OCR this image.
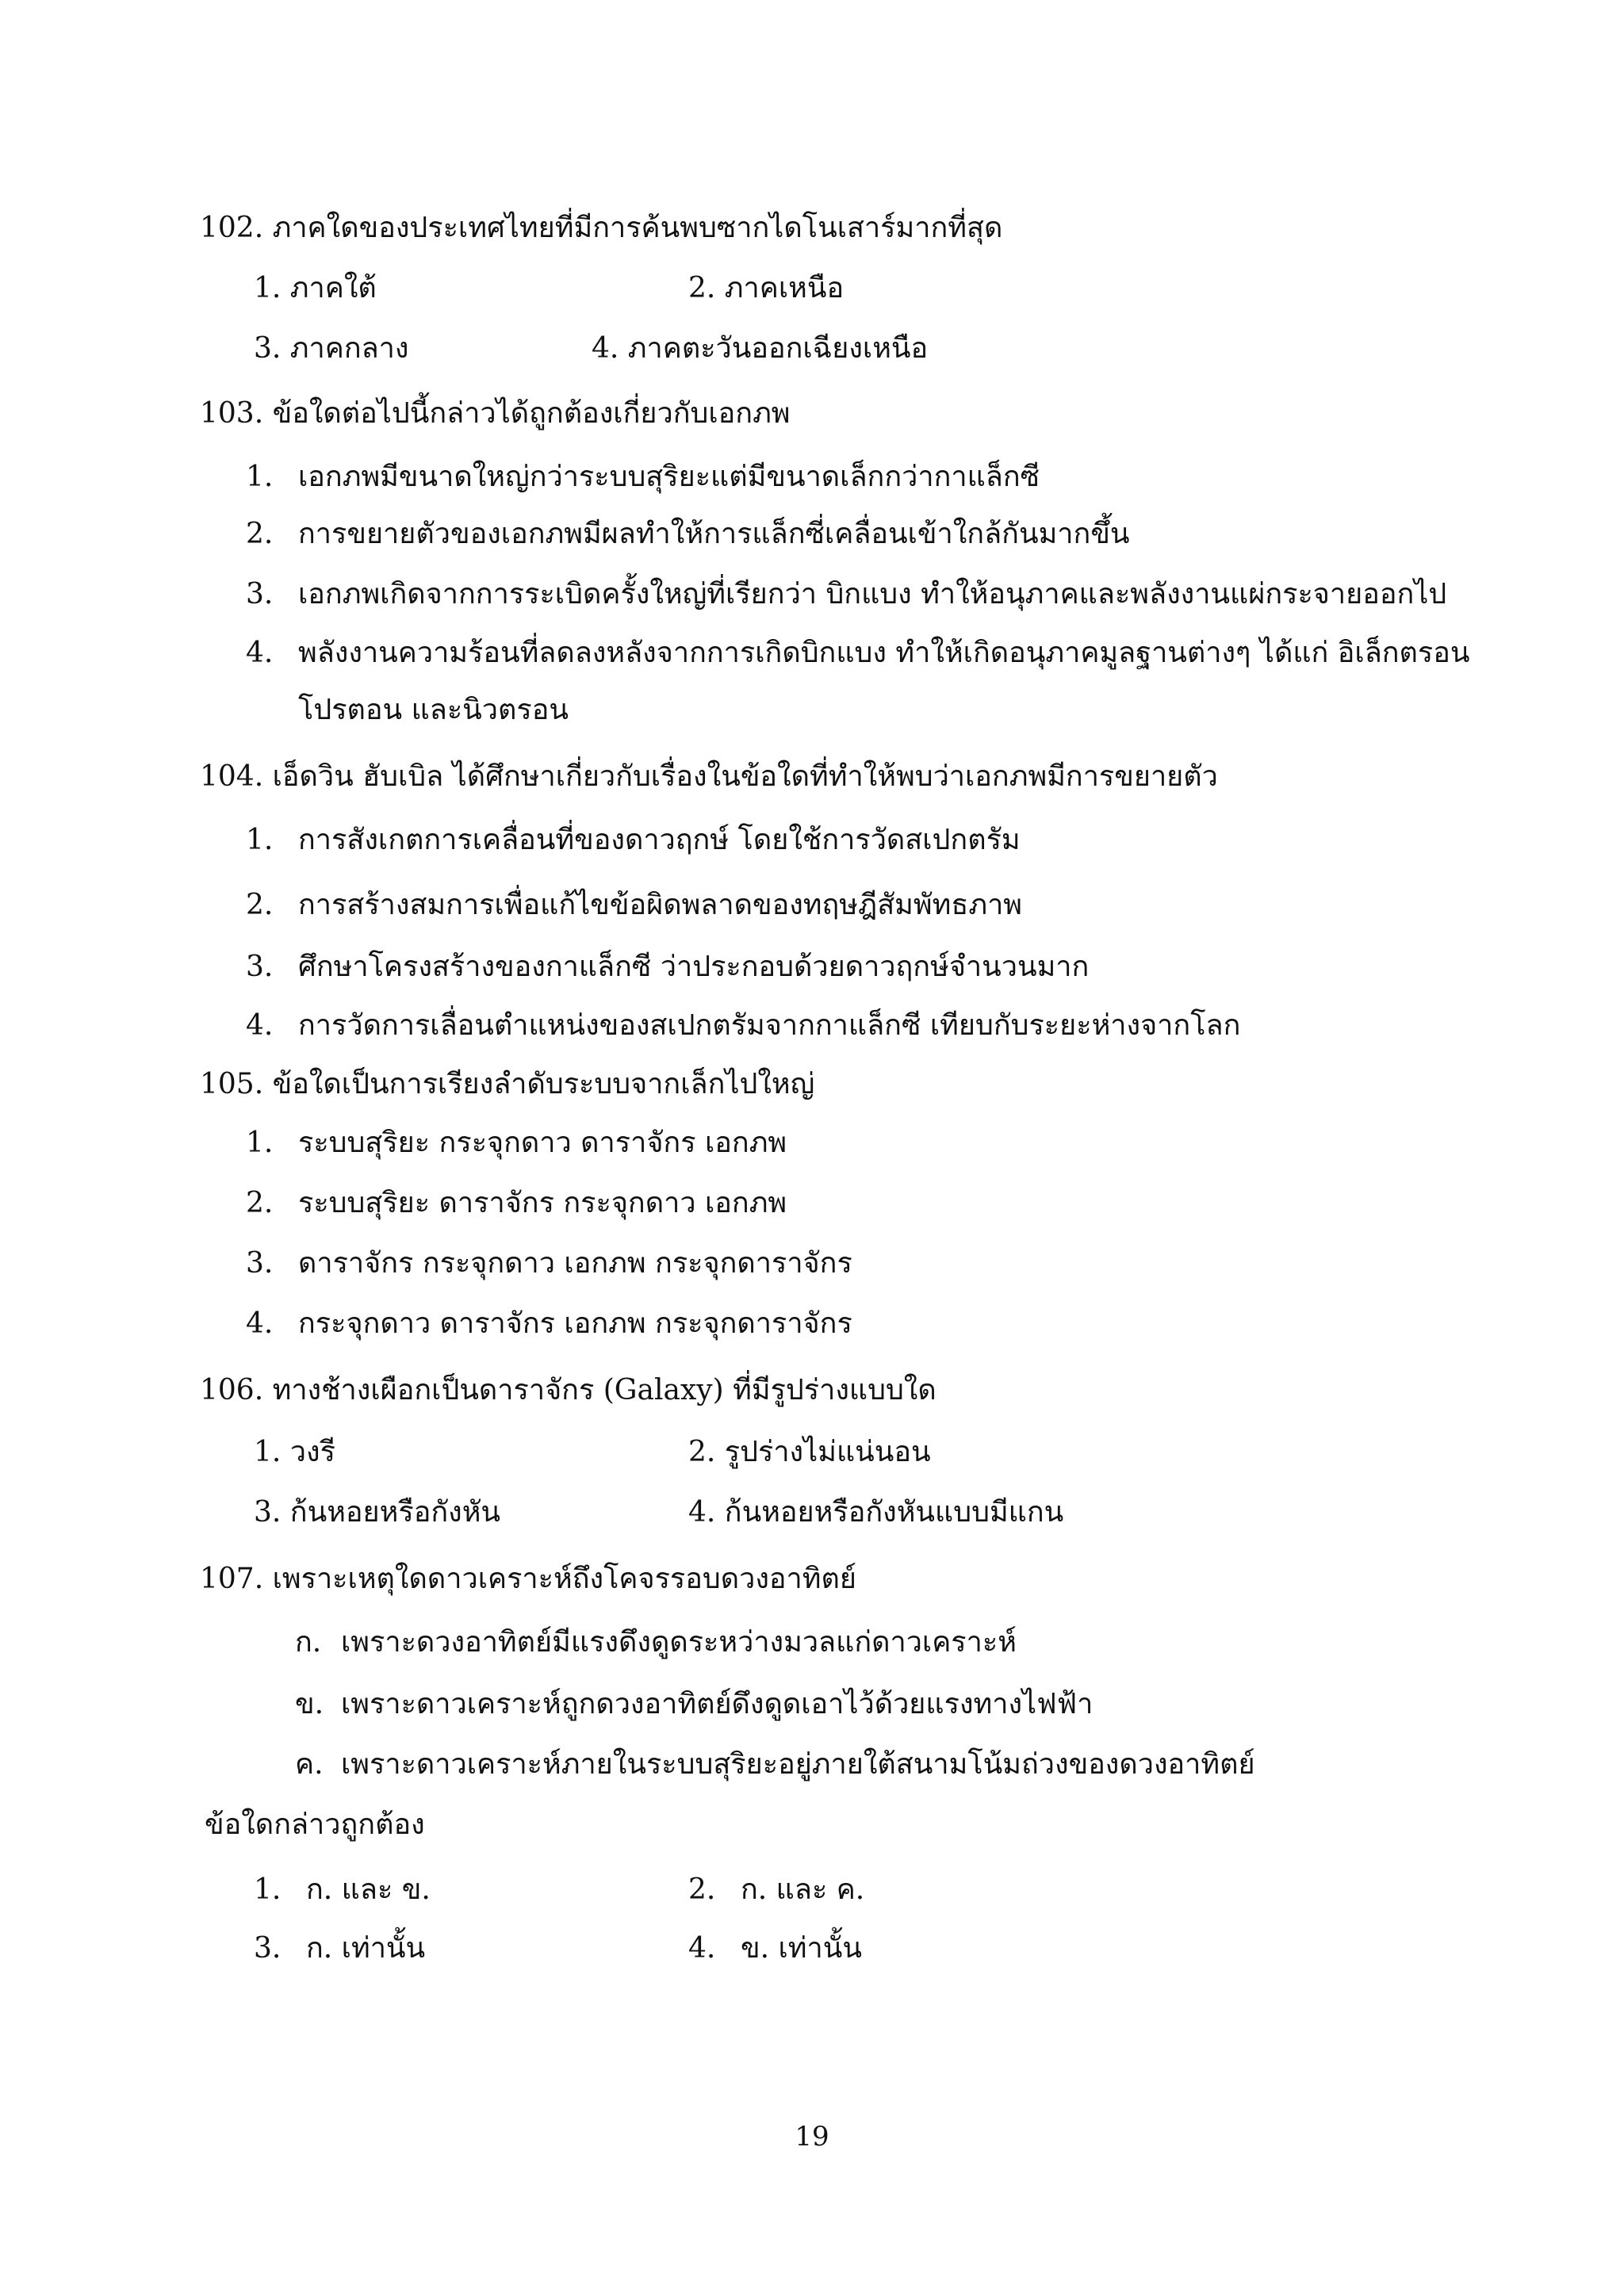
102. ภาคใดของประเทศไทยที่มีการค้นพบซากไดโนเสาร์มากที่สุด
1. ภาคใต้	2. ภาคเหนือ
3. ภาคกลาง	4. ภาคตะวันออกเฉียงเหนือ
103. ข้อใดต่อไปนี้กล่าวได้ถูกต้องเกี่ยวกับเอกภพ
1. เอกภพมีขนาดใหญ่กว่าระบบสุริยะแต่มีขนาดเล็กกว่ากาแล็กซี
2. การขยายตัวของเอกภพมีผลทำให้การแล็กซี่เคลื่อนเข้าใกล้กันมากขึ้น
3. เอกภพเกิดจากการระเบิดครั้งใหญ่ที่เรียกว่า บิกแบง ทำให้อนุภาคและพลังงานแผ่กระจายออกไป
4. พลังงานความร้อนที่ลดลงหลังจากการเกิดบิกแบง ทำให้เกิดอนุภาคมูลฐานต่างๆ ได้แก่ อิเล็กตรอน
โปรตอน และนิวตรอน
104. เอ็ดวิน ฮับเบิล ได้ศึกษาเกี่ยวกับเรื่องในข้อใดที่ทำให้พบว่าเอกภพมีการขยายตัว
1. การสังเกตการเคลื่อนที่ของดาวฤกษ์ โดยใช้การวัดสเปกตรัม
2. การสร้างสมการเพื่อแก้ไขข้อผิดพลาดของทฤษฎีสัมพัทธภาพ
3. ศึกษาโครงสร้างของกาแล็กซี ว่าประกอบด้วยดาวฤกษ์จำนวนมาก
4. การวัดการเลื่อนตำแหน่งของสเปกตรัมจากกาแล็กซี เทียบกับระยะห่างจากโลก
105. ข้อใดเป็นการเรียงลำดับระบบจากเล็กไปใหญ่
1. ระบบสุริยะ กระจุกดาว ดาราจักร เอกภพ
2. ระบบสุริยะ ดาราจักร กระจุกดาว เอกภพ
3. ดาราจักร กระจุกดาว เอกภพ กระจุกดาราจักร
4. กระจุกดาว ดาราจักร เอกภพ กระจุกดาราจักร
106. ทางช้างเผือกเป็นดาราจักร (Galaxy) ที่มีรูปร่างแบบใด
1. วงรี	2. รูปร่างไม่แน่นอน
3. ก้นหอยหรือกังหัน	4. ก้นหอยหรือกังหันแบบมีแกน
107. เพราะเหตุใดดาวเคราะห์ถึงโคจรรอบดวงอาทิตย์
ก. เพราะดวงอาทิตย์มีแรงดึงดูดระหว่างมวลแก่ดาวเคราะห์
ข. เพราะดาวเคราะห์ถูกดวงอาทิตย์ดึงดูดเอาไว้ด้วยแรงทางไฟฟ้า
ค. เพราะดาวเคราะห์ภายในระบบสุริยะอยู่ภายใต้สนามโน้มถ่วงของดวงอาทิตย์
ข้อใดกล่าวถูกต้อง
1. ก. และ ข.	2. ก. และ ค.
3. ก. เท่านั้น	4. ข. เท่านั้น
19
